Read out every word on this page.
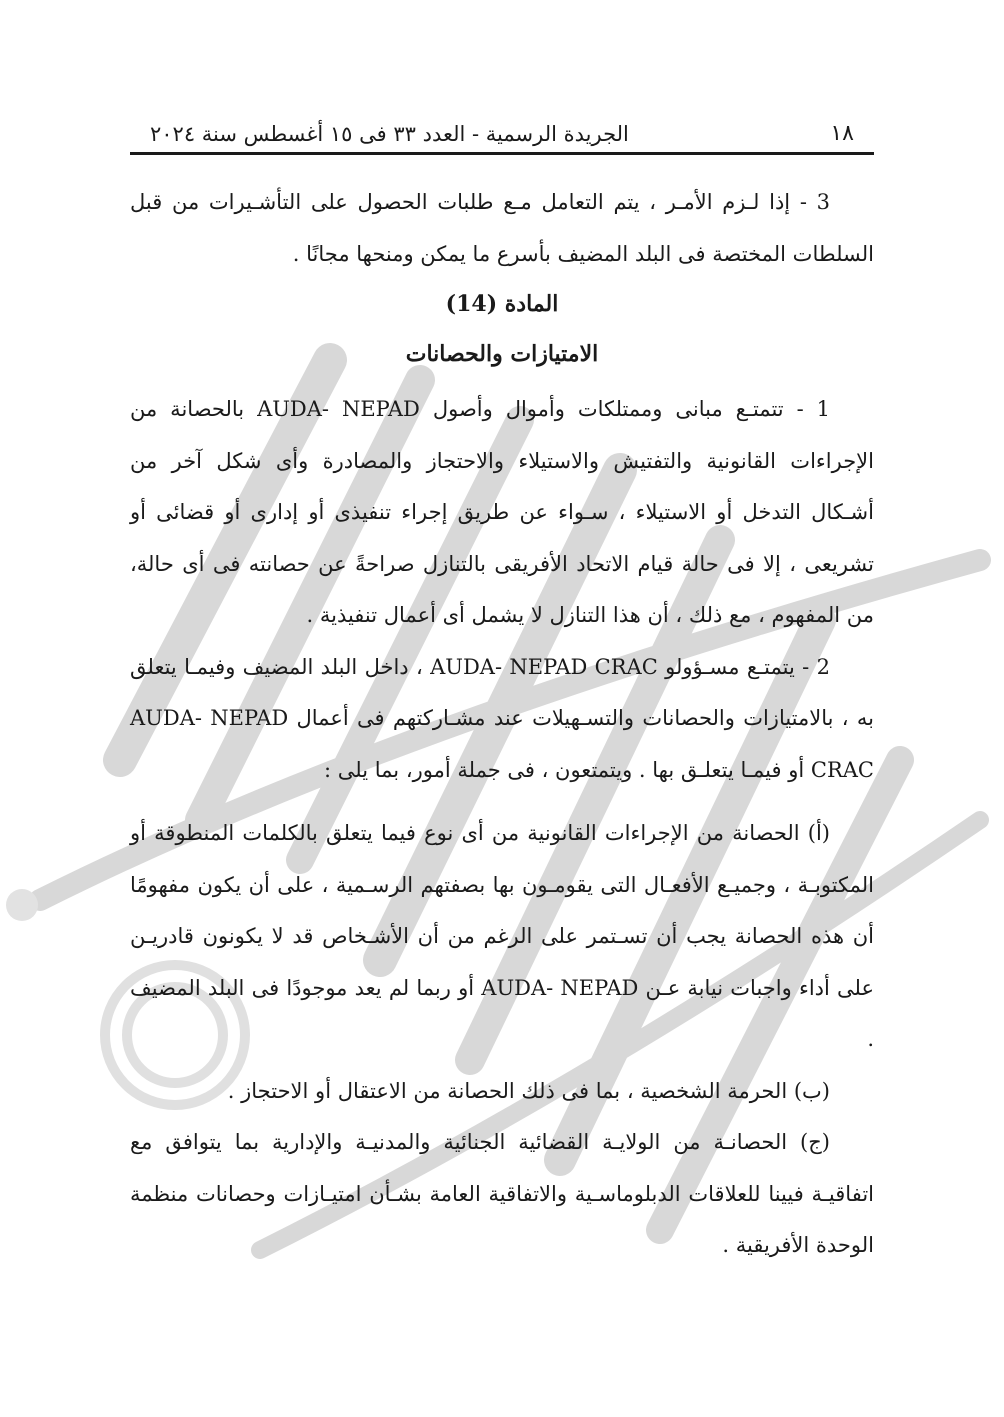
١٨
الجريدة الرسمية - العدد ٣٣ فى ١٥ أغسطس سنة ٢٠٢٤

3 - إذا لـزم الأمـر ، يتم التعامل مـع طلبات الحصول على التأشـيرات من قبل السلطات المختصة فى البلد المضيف بأسرع ما يمكن ومنحها مجانًا .

المادة (14)
الامتيازات والحصانات

1 - تتمتـع مبانى وممتلكات وأموال وأصول AUDA- NEPAD بالحصانة من الإجراءات القانونية والتفتيش والاستيلاء والاحتجاز والمصادرة وأى شكل آخر من أشـكال التدخل أو الاستيلاء ، سـواء عن طريق إجراء تنفيذى أو إدارى أو قضائى أو تشريعى ، إلا فى حالة قيام الاتحاد الأفريقى بالتنازل صراحةً عن حصانته فى أى حالة، من المفهوم ، مع ذلك ، أن هذا التنازل لا يشمل أى أعمال تنفيذية .

2 - يتمتـع مسـؤولو AUDA- NEPAD CRAC ، داخل البلد المضيف وفيمـا يتعلق به ، بالامتيازات والحصانات والتسـهيلات عند مشـاركتهم فى أعمال AUDA- NEPAD CRAC أو فيمـا يتعلـق بها . ويتمتعون ، فى جملة أمور، بما يلى :

(أ) الحصانة من الإجراءات القانونية من أى نوع فيما يتعلق بالكلمات المنطوقة أو المكتوبـة ، وجميـع الأفعـال التى يقومـون بها بصفتهم الرسـمية ، على أن يكون مفهومًا أن هذه الحصانة يجب أن تسـتمر على الرغم من أن الأشـخاص قد لا يكونون قادريـن على أداء واجبات نيابة عـن AUDA- NEPAD أو ربما لم يعد موجودًا فى البلد المضيف .

(ب) الحرمة الشخصية ، بما فى ذلك الحصانة من الاعتقال أو الاحتجاز .

(ج) الحصانـة من الولايـة القضائية الجنائية والمدنيـة والإدارية بما يتوافق مع اتفاقيـة فيينا للعلاقات الدبلوماسـية والاتفاقية العامة بشـأن امتيـازات وحصانات منظمة الوحدة الأفريقية .
